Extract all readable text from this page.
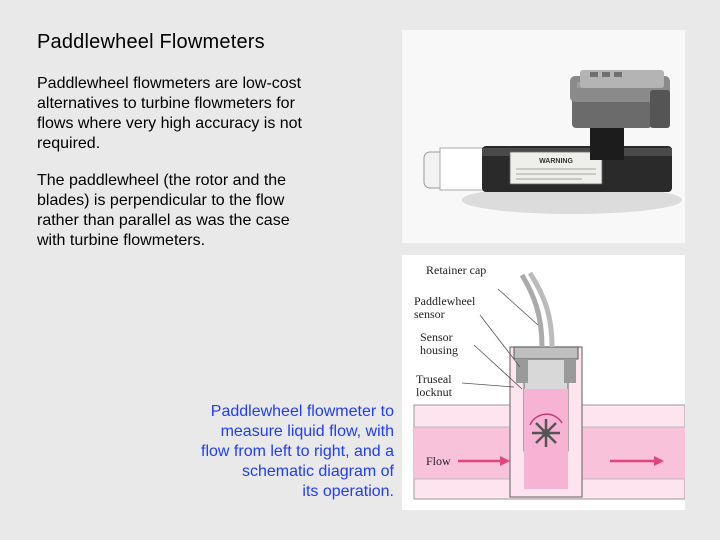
Paddlewheel Flowmeters
Paddlewheel flowmeters are low-cost
alternatives to turbine flowmeters for
flows where very high accuracy is not
required.
The paddlewheel (the rotor and the
blades) is perpendicular to the flow
rather than parallel as was the case
with turbine flowmeters.
Paddlewheel flowmeter to
measure liquid flow, with
flow from left to right, and a
schematic diagram of
its operation.
WARNING
Retainer cap
Paddlewheel
sensor
Sensor
housing
Truseal
locknut
Flow
